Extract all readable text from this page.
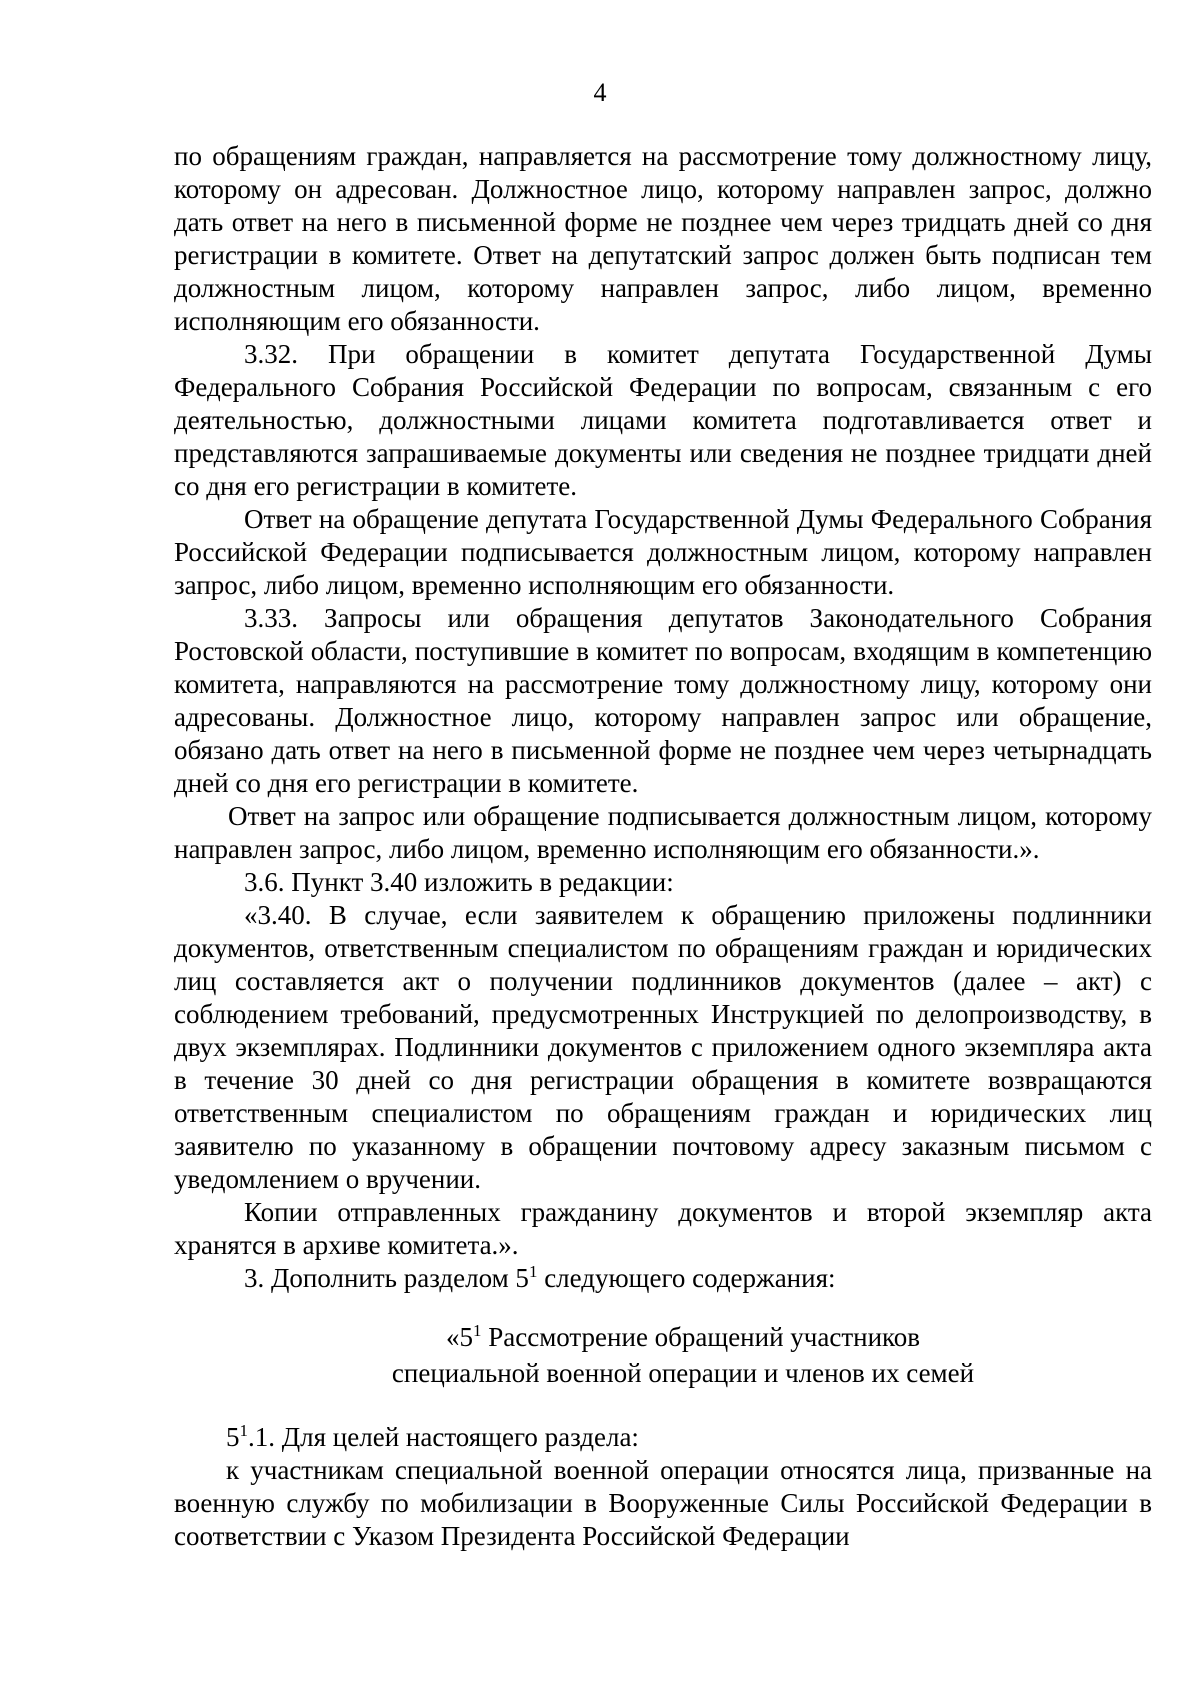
4

по обращениям граждан, направляется на рассмотрение тому должностному лицу, которому он адресован. Должностное лицо, которому направлен запрос, должно дать ответ на него в письменной форме не позднее чем через тридцать дней со дня регистрации в комитете. Ответ на депутатский запрос должен быть подписан тем должностным лицом, которому направлен запрос, либо лицом, временно исполняющим его обязанности.

3.32. При обращении в комитет депутата Государственной Думы Федерального Собрания Российской Федерации по вопросам, связанным с его деятельностью, должностными лицами комитета подготавливается ответ и представляются запрашиваемые документы или сведения не позднее тридцати дней со дня его регистрации в комитете.

Ответ на обращение депутата Государственной Думы Федерального Собрания Российской Федерации подписывается должностным лицом, которому направлен запрос, либо лицом, временно исполняющим его обязанности.

3.33. Запросы или обращения депутатов Законодательного Собрания Ростовской области, поступившие в комитет по вопросам, входящим в компетенцию комитета, направляются на рассмотрение тому должностному лицу, которому они адресованы. Должностное лицо, которому направлен запрос или обращение, обязано дать ответ на него в письменной форме не позднее чем через четырнадцать дней со дня его регистрации в комитете.

Ответ на запрос или обращение подписывается должностным лицом, которому направлен запрос, либо лицом, временно исполняющим его обязанности.».

3.6. Пункт 3.40 изложить в редакции:

«3.40. В случае, если заявителем к обращению приложены подлинники документов, ответственным специалистом по обращениям граждан и юридических лиц составляется акт о получении подлинников документов (далее – акт) с соблюдением требований, предусмотренных Инструкцией по делопроизводству, в двух экземплярах. Подлинники документов с приложением одного экземпляра акта в течение 30 дней со дня регистрации обращения в комитете возвращаются ответственным специалистом по обращениям граждан и юридических лиц заявителю по указанному в обращении почтовому адресу заказным письмом с уведомлением о вручении.

Копии отправленных гражданину документов и второй экземпляр акта хранятся в архиве комитета.».

3. Дополнить разделом $5^1$ следующего содержания:

«$5^1$ Рассмотрение обращений участников
специальной военной операции и членов их семей

$5^1.1$. Для целей настоящего раздела:

к участникам специальной военной операции относятся лица, призванные на военную службу по мобилизации в Вооруженные Силы Российской Федерации в соответствии с Указом Президента Российской Федерации
